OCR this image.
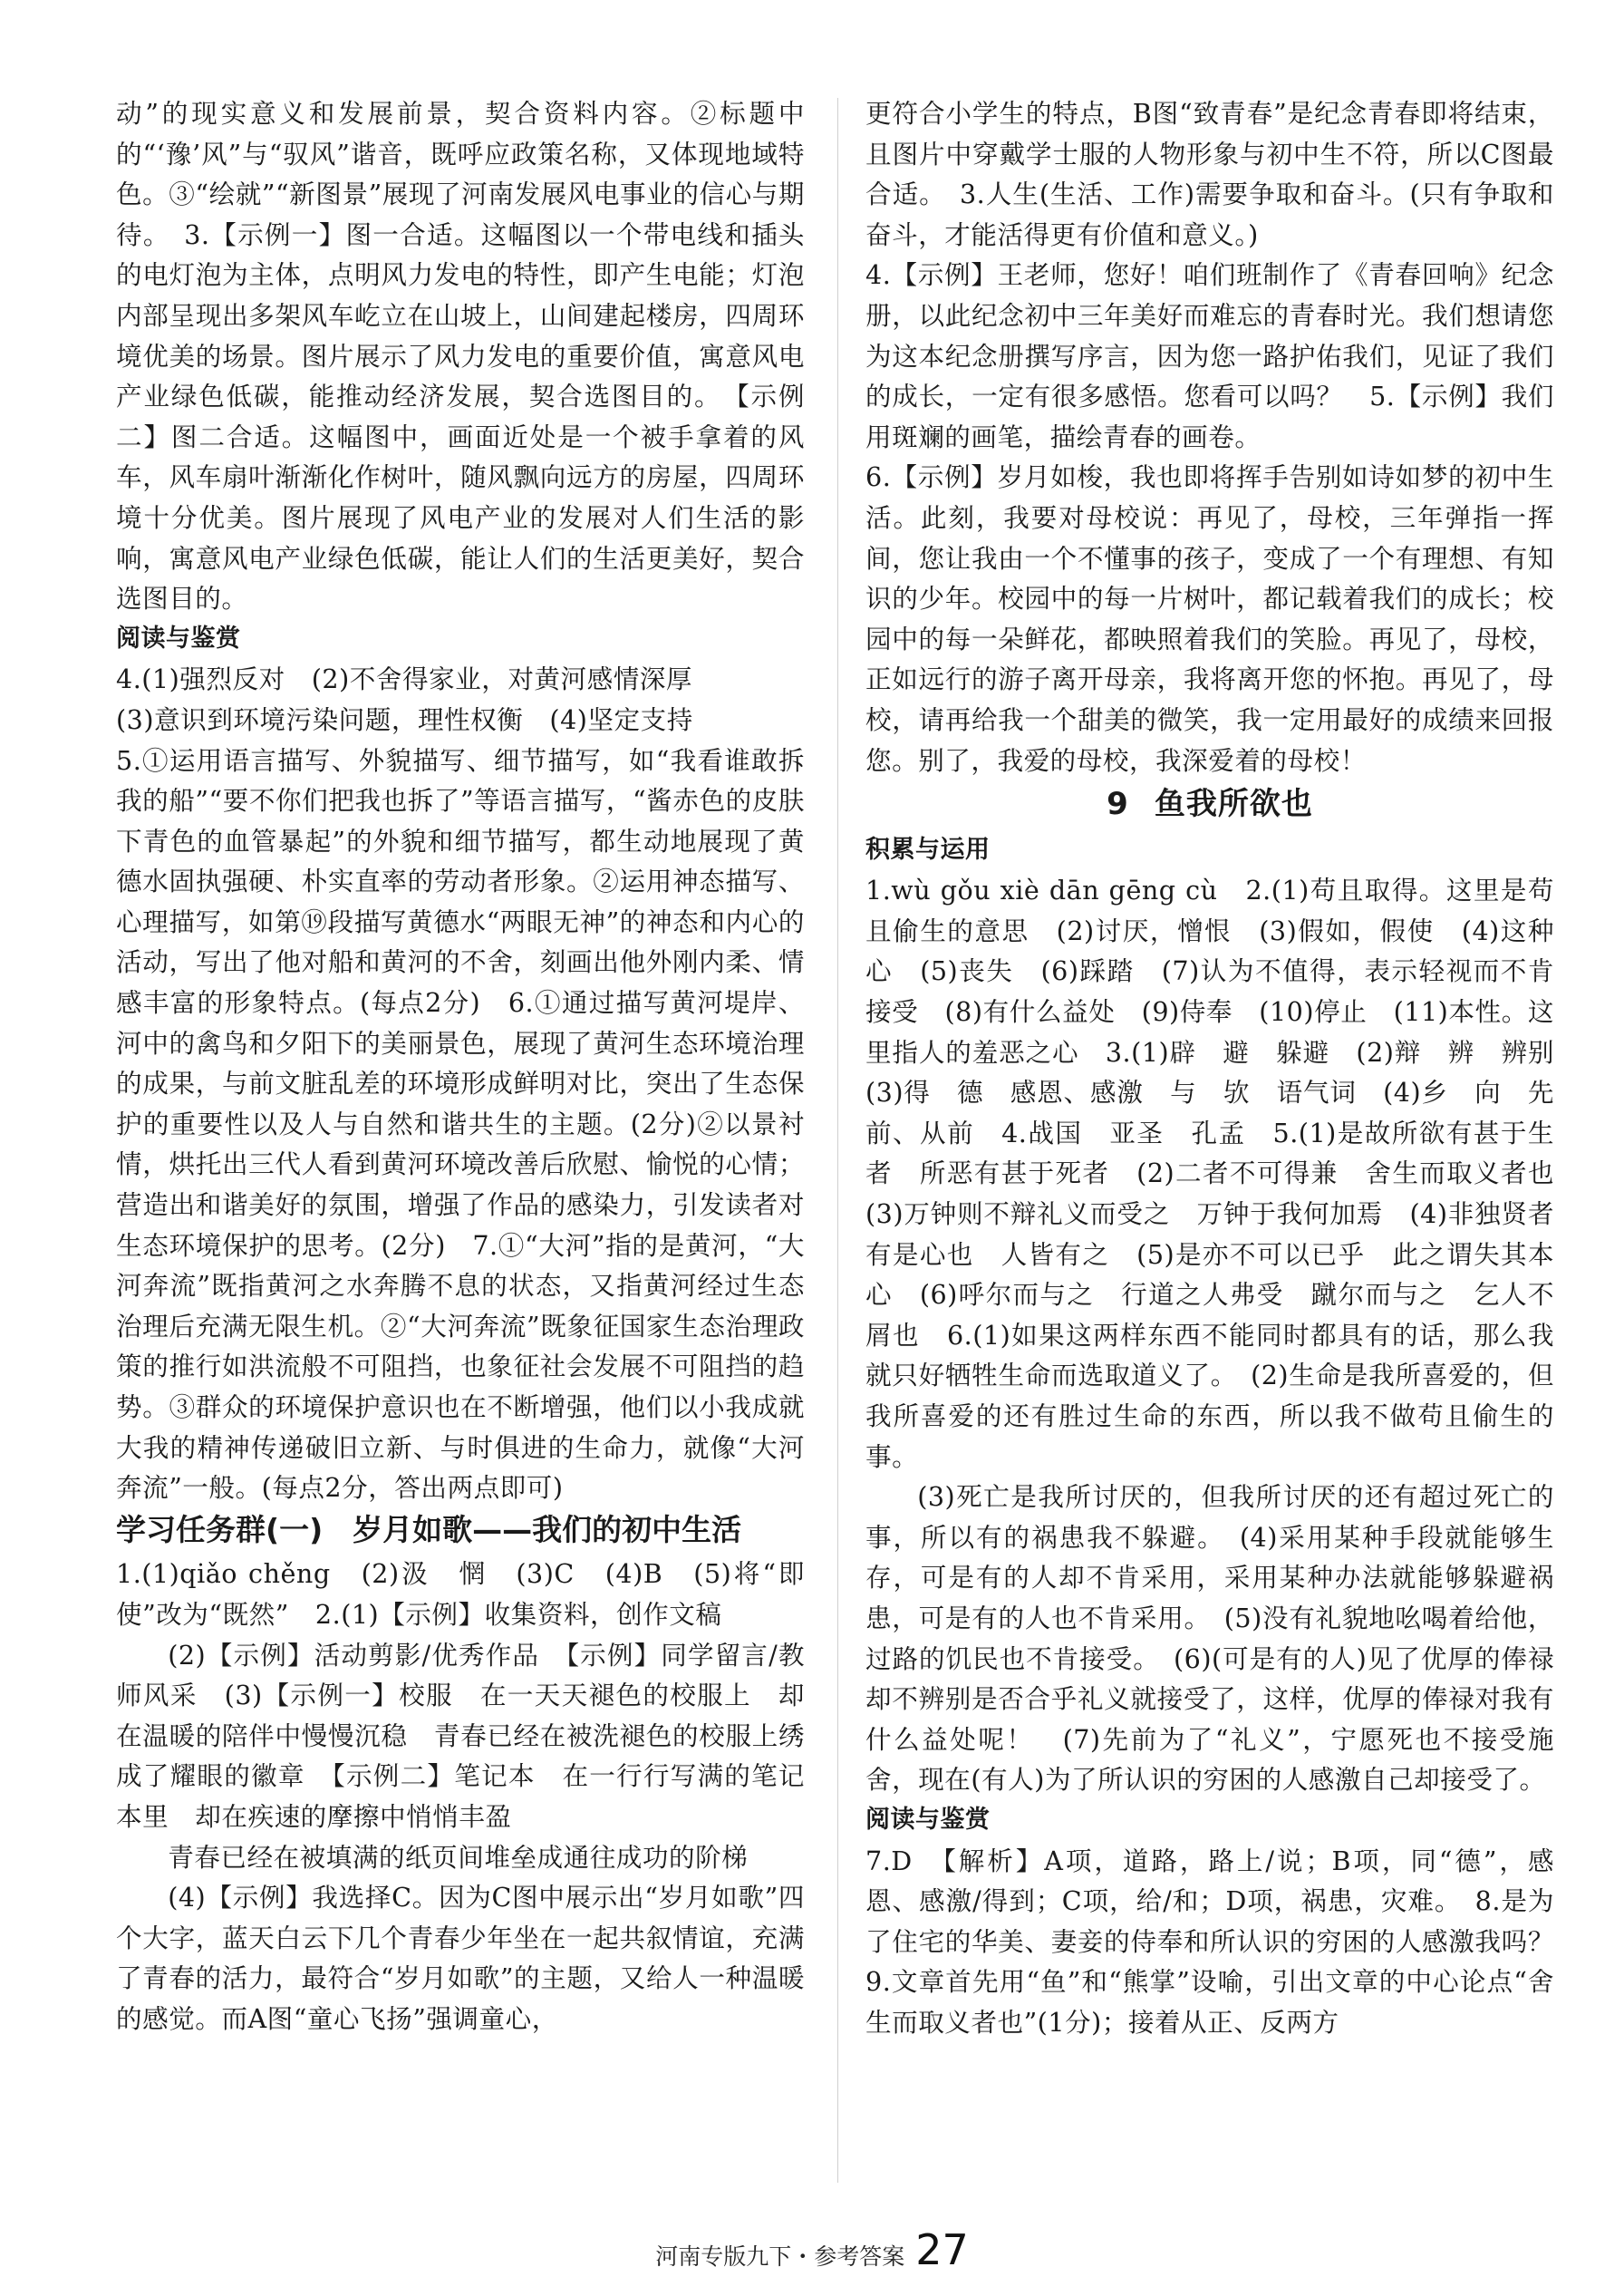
动”的现实意义和发展前景，契合资料内容。②标题中的“‘豫’风”与“驭风”谐音，既呼应政策名称，又体现地域特色。③“绘就”“新图景”展现了河南发展风电事业的信心与期待。　3.【示例一】图一合适。这幅图以一个带电线和插头的电灯泡为主体，点明风力发电的特性，即产生电能；灯泡内部呈现出多架风车屹立在山坡上，山间建起楼房，四周环境优美的场景。图片展示了风力发电的重要价值，寓意风电产业绿色低碳，能推动经济发展，契合选图目的。　【示例二】图二合适。这幅图中，画面近处是一个被手拿着的风车，风车扇叶渐渐化作树叶，随风飘向远方的房屋，四周环境十分优美。图片展现了风电产业的发展对人们生活的影响，寓意风电产业绿色低碳，能让人们的生活更美好，契合选图目的。
阅读与鉴赏
4.(1)强烈反对　(2)不舍得家业，对黄河感情深厚
(3)意识到环境污染问题，理性权衡　(4)坚定支持
5.①运用语言描写、外貌描写、细节描写，如“我看谁敢拆我的船”“要不你们把我也拆了”等语言描写，“酱赤色的皮肤下青色的血管暴起”的外貌和细节描写，都生动地展现了黄德水固执强硬、朴实直率的劳动者形象。②运用神态描写、心理描写，如第⑲段描写黄德水“两眼无神”的神态和内心的活动，写出了他对船和黄河的不舍，刻画出他外刚内柔、情感丰富的形象特点。(每点2分)　6.①通过描写黄河堤岸、河中的禽鸟和夕阳下的美丽景色，展现了黄河生态环境治理的成果，与前文脏乱差的环境形成鲜明对比，突出了生态保护的重要性以及人与自然和谐共生的主题。(2分)②以景衬情，烘托出三代人看到黄河环境改善后欣慰、愉悦的心情；营造出和谐美好的氛围，增强了作品的感染力，引发读者对生态环境保护的思考。(2分)　7.①“大河”指的是黄河，“大河奔流”既指黄河之水奔腾不息的状态，又指黄河经过生态治理后充满无限生机。②“大河奔流”既象征国家生态治理政策的推行如洪流般不可阻挡，也象征社会发展不可阻挡的趋势。③群众的环境保护意识也在不断增强，他们以小我成就大我的精神传递破旧立新、与时俱进的生命力，就像“大河奔流”一般。(每点2分，答出两点即可)
学习任务群(一)　岁月如歌——我们的初中生活
1.(1)qiǎo chěng　(2)汲　惘　(3)C　(4)B　(5)将“即使”改为“既然”　2.(1)【示例】收集资料，创作文稿
(2)【示例】活动剪影/优秀作品　【示例】同学留言/教师风采　(3)【示例一】校服　在一天天褪色的校服上　却在温暖的陪伴中慢慢沉稳　青春已经在被洗褪色的校服上绣成了耀眼的徽章　【示例二】笔记本　在一行行写满的笔记本里　却在疾速的摩擦中悄悄丰盈
青春已经在被填满的纸页间堆垒成通往成功的阶梯
(4)【示例】我选择C。因为C图中展示出“岁月如歌”四个大字，蓝天白云下几个青春少年坐在一起共叙情谊，充满了青春的活力，最符合“岁月如歌”的主题，又给人一种温暖的感觉。而A图“童心飞扬”强调童心，
更符合小学生的特点，B图“致青春”是纪念青春即将结束，且图片中穿戴学士服的人物形象与初中生不符，所以C图最合适。　3.人生(生活、工作)需要争取和奋斗。(只有争取和奋斗，才能活得更有价值和意义。)
4.【示例】王老师，您好！咱们班制作了《青春回响》纪念册，以此纪念初中三年美好而难忘的青春时光。我们想请您为这本纪念册撰写序言，因为您一路护佑我们，见证了我们的成长，一定有很多感悟。您看可以吗？　5.【示例】我们用斑斓的画笔，描绘青春的画卷。
6.【示例】岁月如梭，我也即将挥手告别如诗如梦的初中生活。此刻，我要对母校说：再见了，母校，三年弹指一挥间，您让我由一个不懂事的孩子，变成了一个有理想、有知识的少年。校园中的每一片树叶，都记载着我们的成长；校园中的每一朵鲜花，都映照着我们的笑脸。再见了，母校，正如远行的游子离开母亲，我将离开您的怀抱。再见了，母校，请再给我一个甜美的微笑，我一定用最好的成绩来回报您。别了，我爱的母校，我深爱着的母校！
9 鱼我所欲也
积累与运用
1.wù gǒu xiè dān gēng cù　2.(1)苟且取得。这里是苟且偷生的意思　(2)讨厌，憎恨　(3)假如，假使　(4)这种心　(5)丧失　(6)踩踏　(7)认为不值得，表示轻视而不肯接受　(8)有什么益处　(9)侍奉　(10)停止　(11)本性。这里指人的羞恶之心　3.(1)辟　避　躲避　(2)辩　辨　辨别　(3)得　德　感恩、感激　与　欤　语气词　(4)乡　向　先前、从前　4.战国　亚圣　孔孟　5.(1)是故所欲有甚于生者　所恶有甚于死者　(2)二者不可得兼　舍生而取义者也　(3)万钟则不辩礼义而受之　万钟于我何加焉　(4)非独贤者有是心也　人皆有之　(5)是亦不可以已乎　此之谓失其本心　(6)呼尔而与之　行道之人弗受　蹴尔而与之　乞人不屑也　6.(1)如果这两样东西不能同时都具有的话，那么我就只好牺牲生命而选取道义了。　(2)生命是我所喜爱的，但我所喜爱的还有胜过生命的东西，所以我不做苟且偷生的事。
(3)死亡是我所讨厌的，但我所讨厌的还有超过死亡的事，所以有的祸患我不躲避。　(4)采用某种手段就能够生存，可是有的人却不肯采用，采用某种办法就能够躲避祸患，可是有的人也不肯采用。　(5)没有礼貌地吆喝着给他，过路的饥民也不肯接受。　(6)(可是有的人)见了优厚的俸禄却不辨别是否合乎礼义就接受了，这样，优厚的俸禄对我有什么益处呢！　(7)先前为了“礼义”，宁愿死也不接受施舍，现在(有人)为了所认识的穷困的人感激自己却接受了。
阅读与鉴赏
7.D　【解析】A项，道路，路上/说；B项，同“德”，感恩、感激/得到；C项，给/和；D项，祸患，灾难。　8.是为了住宅的华美、妻妾的侍奉和所认识的穷困的人感激我吗？　9.文章首先用“鱼”和“熊掌”设喻，引出文章的中心论点“舍生而取义者也”(1分)；接着从正、反两方
河南专版九下・参考答案 27
